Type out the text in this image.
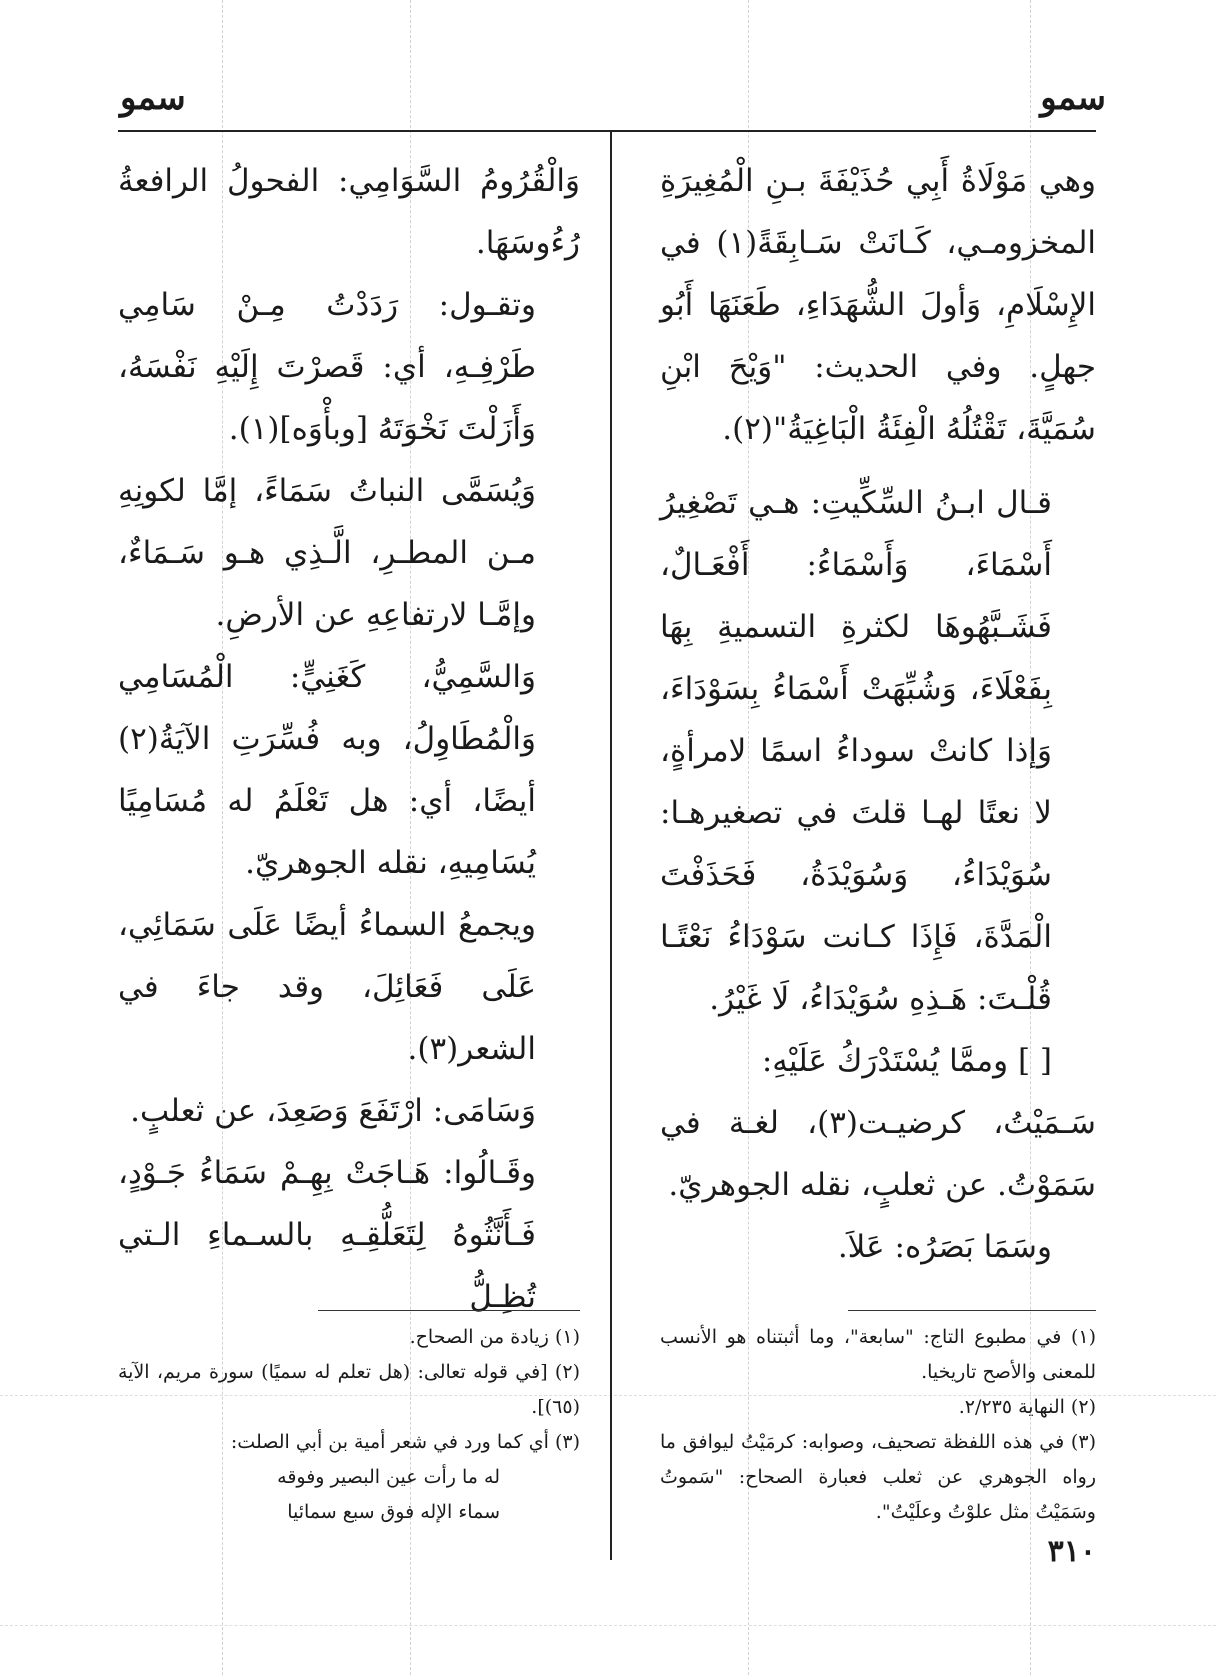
سمو
سمو

وهي مَوْلَاةُ أَبِي حُذَيْفَةَ بـنِ الْمُغِيرَةِ المخزومـي، كَـانَتْ سَـابِقَةً(١) في الإِسْلَامِ، وَأولَ الشُّهَدَاءِ، طَعَنَهَا أَبُو جهلٍ. وفي الحديث: "وَيْحَ ابْنِ سُمَيَّةَ، تَقْتُلُهُ الْفِئَةُ الْبَاغِيَةُ"(٢).

قـال ابـنُ السِّكِّيتِ: هـي تَصْغِيرُ أَسْمَاءَ، وَأَسْمَاءُ: أَفْعَـالٌ، فَشَـبَّهُوهَا لكثرةِ التسميةِ بِهَا بِفَعْلَاءَ، وَشُبِّهَتْ أَسْمَاءُ بِسَوْدَاءَ، وَإذا كانتْ سوداءُ اسمًا لامرأةٍ، لا نعتًا لهـا قلتَ في تصغيرهـا: سُوَيْدَاءُ، وَسُوَيْدَةُ، فَحَذَفْتَ الْمَدَّةَ، فَإِذَا كـانت سَوْدَاءُ نَعْتًـا قُلْـتَ: هَـذِهِ سُوَيْدَاءُ، لَا غَيْرُ.

[ ] وممَّا يُسْتَدْرَكُ عَلَيْهِ:

سَـمَيْتُ، كرضيـت(٣)، لغـة في سَمَوْتُ. عن ثعلبٍ، نقله الجوهريّ.

وسَمَا بَصَرُه: عَلاَ.

وَالْقُرُومُ السَّوَامِي: الفحولُ الرافعةُ رُءُوسَهَا.

وتقـول: رَدَدْتُ مِـنْ سَامِي طَرْفِـهِ، أي: قَصرْتَ إِلَيْهِ نَفْسَهُ، وَأَزَلْتَ نَخْوَتَهُ [وبأْوَه](١).

وَيُسَمَّى النباتُ سَمَاءً، إمَّا لكونِهِ مـن المطـرِ، الَّـذِي هـو سَـمَاءٌ، وإمَّـا لارتفاعِهِ عن الأرضِ.

وَالسَّمِيُّ، كَغَنِيٍّ: الْمُسَامِي وَالْمُطَاوِلُ، وبه فُسِّرَتِ الآيَةُ(٢) أيضًا، أي: هل تَعْلَمُ له مُسَامِيًا يُسَامِيهِ، نقله الجوهريّ.

ويجمعُ السماءُ أيضًا عَلَى سَمَائِي، عَلَى فَعَائِلَ، وقد جاءَ في الشعر(٣).

وَسَامَى: ارْتَفَعَ وَصَعِدَ، عن ثعلبٍ.

وقَـالُوا: هَـاجَتْ بِهِـمْ سَمَاءُ جَـوْدٍ، فَـأَنَّثُوهُ لِتَعَلُّقِـهِ بالسـماءِ الـتي تُظِـلُّ

(١) في مطبوع التاج: "سابعة"، وما أثبتناه هو الأنسب للمعنى والأصح تاريخيا.

(٢) النهاية ٢/٢٣٥.

(٣) في هذه اللفظة تصحيف، وصوابه: كرمَيْتُ ليوافق ما رواه الجوهري عن ثعلب فعبارة الصحاح: "سَموتُ وسَمَيْتُ مثل علوْتُ وعلَيْتُ".

(١) زيادة من الصحاح.

(٢) [في قوله تعالى: (هل تعلم له سميًا) سورة مريم، الآية (٦٥)].

(٣) أي كما ورد في شعر أمية بن أبي الصلت:

له ما رأت عين البصير وفوقه

سماء الإله فوق سبع سمائيا

٣١٠
